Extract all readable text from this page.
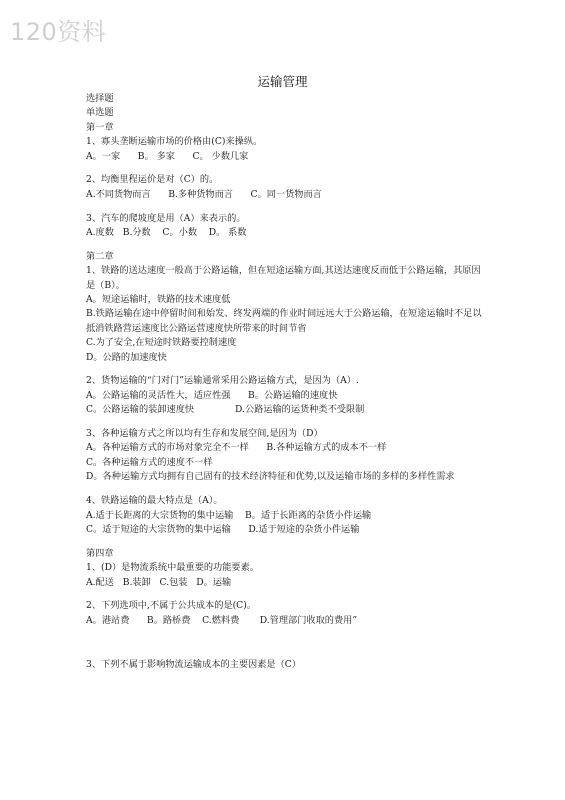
120资料
运输管理
选择题
单选题
第一章
1、寡头垄断运输市场的价格由(C)来操纵。
A。一家      B。 多家      C。 少数几家
2、均衡里程运价是对（C）的。
A.不同货物而言      B.多种货物而言      C。同一货物而言
3、汽车的爬坡度是用（A）来表示的。
A.度数   B.分数    C。小数    D。 系数
第二章
1、铁路的送达速度一般高于公路运输，但在短途运输方面,其送达速度反而低于公路运输，其原因是（B）。
A。短途运输时，铁路的技术速度低
B.铁路运输在途中停留时间和始发、终发两端的作业时间远远大于公路运输，在短途运输时不足以抵消铁路营运速度比公路运营速度快所带来的时间节省
C.为了安全,在短途时铁路要控制速度
D。公路的加速度快
2、货物运输的“门对门”运输通常采用公路运输方式，是因为（A）.
A。公路运输的灵活性大，适应性强      B。公路运输的速度快
C。公路运输的装卸速度快              D.公路运输的运货种类不受限制
3、各种运输方式之所以均有生存和发展空间,是因为（D）
A。各种运输方式的市场对象完全不一样      B.各种运输方式的成本不一样
C。各种运输方式的速度不一样
D。各种运输方式均拥有自己固有的技术经济特征和优势,以及运输市场的多样的多样性需求
4、铁路运输的最大特点是（A）。
A.适于长距离的大宗货物的集中运输    B。适于长距离的杂货小件运输
C。适于短途的大宗货物的集中运输      D.适于短途的杂货小件运输
第四章
1、(D）是物流系统中最重要的功能要素。
A.配送   B.装卸   C.包装   D。运输
2、下列选项中,不属于公共成本的是(C)。
A。港站费      B。路桥费    C.燃料费       D.管理部门收取的费用”
3、下列不属于影响物流运输成本的主要因素是（C）
